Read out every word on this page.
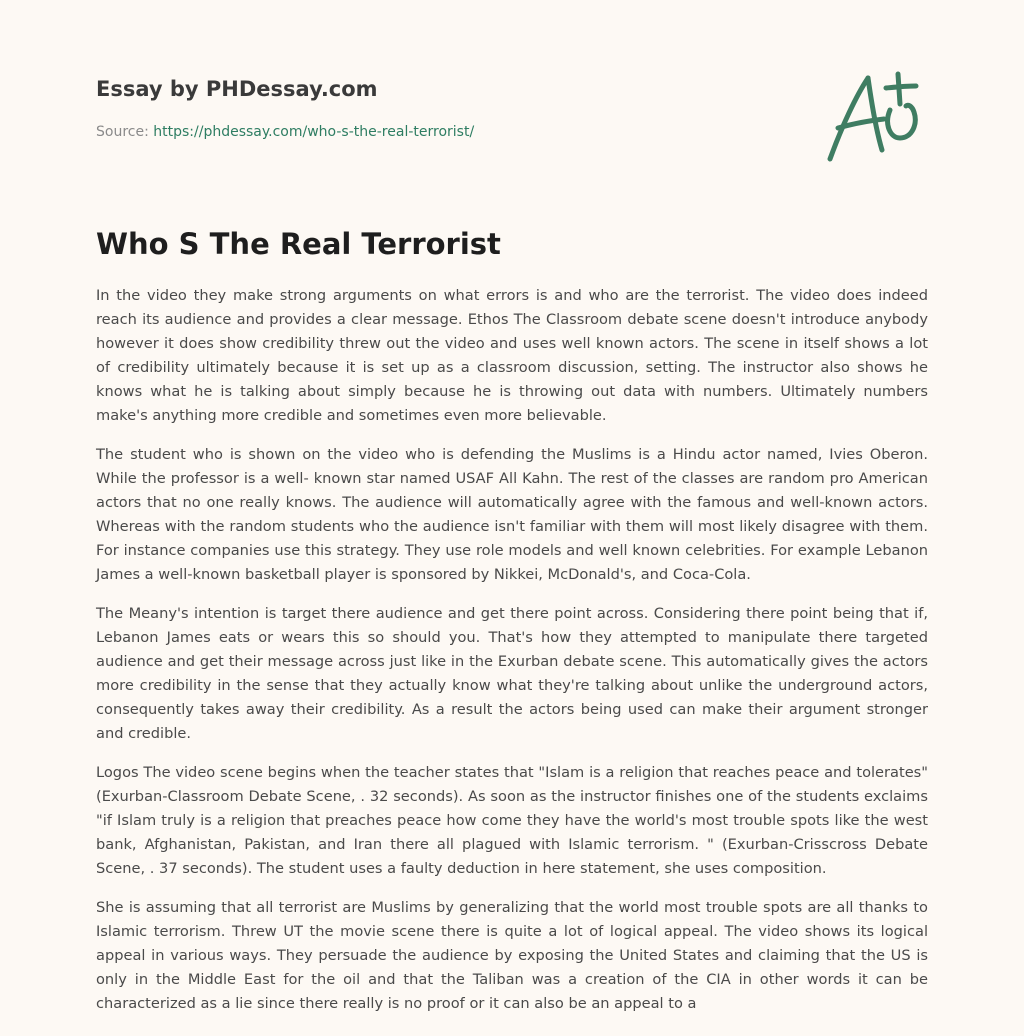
Essay by PHDessay.com
Source: https://phdessay.com/who-s-the-real-terrorist/
Who S The Real Terrorist

In the video they make strong arguments on what errors is and who are the terrorist. The video does indeed reach its audience and provides a clear message. Ethos The Classroom debate scene doesn't introduce anybody however it does show credibility threw out the video and uses well known actors. The scene in itself shows a lot of credibility ultimately because it is set up as a classroom discussion, setting. The instructor also shows he knows what he is talking about simply because he is throwing out data with numbers. Ultimately numbers make's anything more credible and sometimes even more believable.

The student who is shown on the video who is defending the Muslims is a Hindu actor named, Ivies Oberon. While the professor is a well- known star named USAF All Kahn. The rest of the classes are random pro American actors that no one really knows. The audience will automatically agree with the famous and well-known actors. Whereas with the random students who the audience isn't familiar with them will most likely disagree with them. For instance companies use this strategy. They use role models and well known celebrities. For example Lebanon James a well-known basketball player is sponsored by Nikkei, McDonald's, and Coca-Cola.

The Meany's intention is target there audience and get there point across. Considering there point being that if, Lebanon James eats or wears this so should you. That's how they attempted to manipulate there targeted audience and get their message across just like in the Exurban debate scene. This automatically gives the actors more credibility in the sense that they actually know what they're talking about unlike the underground actors, consequently takes away their credibility. As a result the actors being used can make their argument stronger and credible.

Logos The video scene begins when the teacher states that "Islam is a religion that reaches peace and tolerates" (Exurban-Classroom Debate Scene, . 32 seconds). As soon as the instructor finishes one of the students exclaims "if Islam truly is a religion that preaches peace how come they have the world's most trouble spots like the west bank, Afghanistan, Pakistan, and Iran there all plagued with Islamic terrorism. " (Exurban-Crisscross Debate Scene, . 37 seconds). The student uses a faulty deduction in here statement, she uses composition.

She is assuming that all terrorist are Muslims by generalizing that the world most trouble spots are all thanks to Islamic terrorism. Threw UT the movie scene there is quite a lot of logical appeal. The video shows its logical appeal in various ways. They persuade the audience by exposing the United States and claiming that the US is only in the Middle East for the oil and that the Taliban was a creation of the CIA in other words it can be characterized as a lie since there really is no proof or it can also be an appeal to a
